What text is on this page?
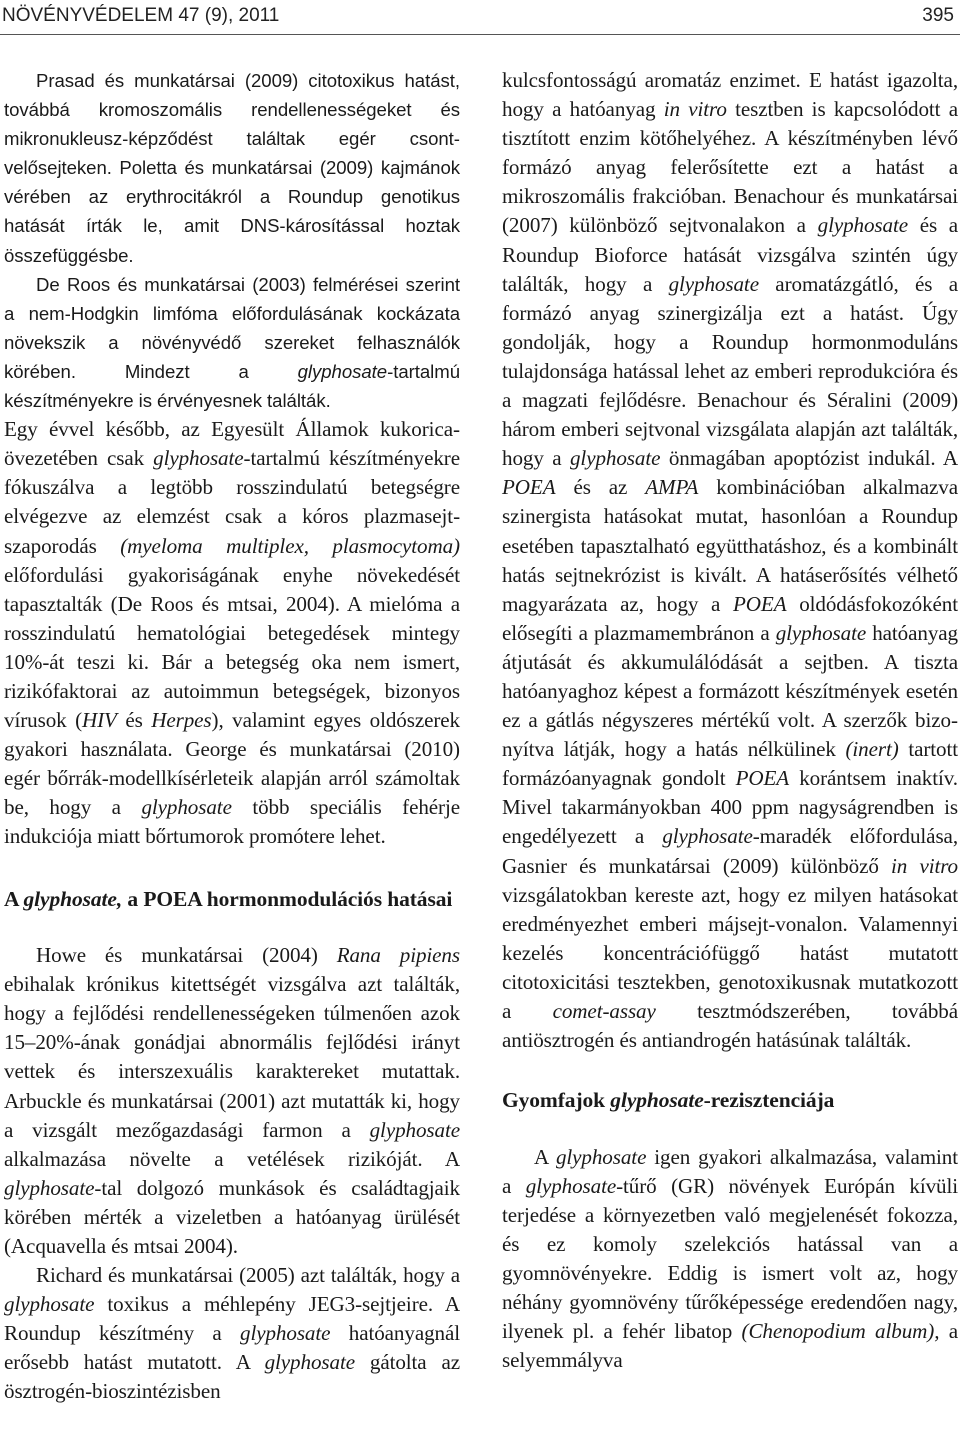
NÖVÉNYVÉDELEM 47 (9), 2011	395

Prasad és munkatársai (2009) citotoxikus hatást, továbbá kromoszomális rendellenességeket és mikronukleusz-képződést találtak egér csontvelősejteken. Poletta és munkatársai (2009) kajmánok vérében az erythrocitákról a Roundup genotikus hatását írták le, amit DNS-károsítással hoztak összefüggésbe.

De Roos és munkatársai (2003) felmérései szerint a nem-Hodgkin limfóma előfordulásának kockázata növekszik a növényvédő szereket felhasználók körében. Mindezt a glyphosate-tartalmú készítményekre is érvényesnek találták.

Egy évvel később, az Egyesült Államok kukoricaövezetében csak glyphosate-tartalmú készítményekre fókuszálva a legtöbb rosszindulatú betegségre elvégezve az elemzést csak a kóros plazmasejt-szaporodás (myeloma multiplex, plasmocytoma) előfordulási gyakoriságának enyhe növekedését tapasztalták (De Roos és mtsai, 2004). A mielóma a rosszindulatú hematológiai betegedések mintegy 10%-át teszi ki. Bár a betegség oka nem ismert, rizikófaktorai az autoimmun betegségek, bizonyos vírusok (HIV és Herpes), valamint egyes oldószerek gyakori használata. George és munkatársai (2010) egér bőrrák-modellkísérleteik alapján arról számoltak be, hogy a glyphosate több speciális fehérje indukciója miatt bőrtumorok promótere lehet.

A glyphosate, a POEA hormonmodulációs hatásai

Howe és munkatársai (2004) Rana pipiens ebihalak krónikus kitettségét vizsgálva azt találták, hogy a fejlődési rendellenességeken túlmenően azok 15–20%-ának gonádjai abnormális fejlődési irányt vettek és interszexuális karaktereket mutattak. Arbuckle és munkatársai (2001) azt mutatták ki, hogy a vizsgált mezőgazdasági farmon a glyphosate alkalmazása növelte a vetélések rizikóját. A glyphosate-tal dolgozó munkások és családtagjaik körében mérték a vizeletben a hatóanyag ürülését (Acquavella és mtsai 2004).

Richard és munkatársai (2005) azt találták, hogy a glyphosate toxikus a méhlepény JEG3-sejtjeire. A Roundup készítmény a glyphosate hatóanyagnál erősebb hatást mutatott. A glyphosate gátolta az ösztrogén-bioszintézisben

kulcsfontosságú aromatáz enzimet. E hatást igazolta, hogy a hatóanyag in vitro tesztben is kapcsolódott a tisztított enzim kötőhelyéhez. A készítményben lévő formázó anyag felerősítette ezt a hatást a mikroszomális frakcióban. Benachour és munkatársai (2007) különböző sejtvonalakon a glyphosate és a Roundup Bioforce hatását vizsgálva szintén úgy találták, hogy a glyphosate aromatázgátló, és a formázó anyag szinergizálja ezt a hatást. Úgy gondolják, hogy a Roundup hormonmoduláns tulajdonsága hatással lehet az emberi reprodukcióra és a magzati fejlődésre. Benachour és Séralini (2009) három emberi sejtvonal vizsgálata alapján azt találták, hogy a glyphosate önmagában apoptózist indukál. A POEA és az AMPA kombinációban alkalmazva szinergista hatásokat mutat, hasonlóan a Roundup esetében tapasztalható együtthatáshoz, és a kombinált hatás sejtnekrózist is kivált. A hatáserősítés vélhető magyarázata az, hogy a POEA oldódásfokozóként elősegíti a plazmamembránon a glyphosate hatóanyag átjutását és akkumulálódását a sejtben. A tiszta hatóanyaghoz képest a formázott készítmények esetén ez a gátlás négyszeres mértékű volt. A szerzők bizonyítva látják, hogy a hatás nélkülinek (inert) tartott formázóanyagnak gondolt POEA korántsem inaktív. Mivel takarmányokban 400 ppm nagyságrendben is engedélyezett a glyphosate-maradék előfordulása, Gasnier és munkatársai (2009) különböző in vitro vizsgálatokban kereste azt, hogy ez milyen hatásokat eredményezhet emberi májsejt-vonalon. Valamennyi kezelés koncentrációfüggő hatást mutatott citotoxicitási tesztekben, genotoxikusnak mutatkozott a comet-assay tesztmódszerében, továbbá antiösztrogén és antiandrogén hatásúnak találták.

Gyomfajok glyphosate-rezisztenciája

A glyphosate igen gyakori alkalmazása, valamint a glyphosate-tűrő (GR) növények Európán kívüli terjedése a környezetben való megjelenését fokozza, és ez komoly szelekciós hatással van a gyomnövényekre. Eddig is ismert volt az, hogy néhány gyomnövény tűrőképessége eredendően nagy, ilyenek pl. a fehér libatop (Chenopodium album), a selyemmályva
